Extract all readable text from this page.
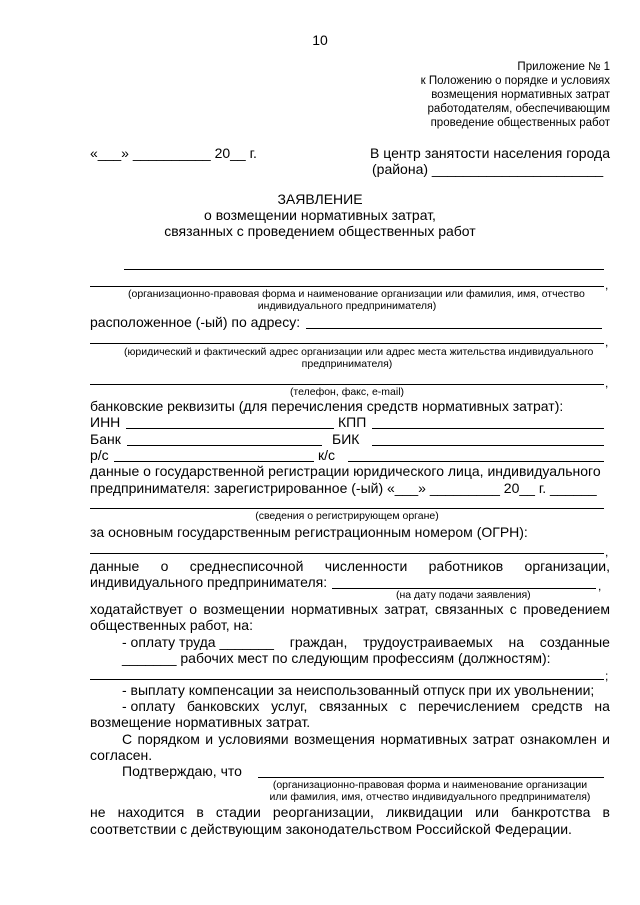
10
Приложение № 1
к Положению о порядке и условиях
возмещения нормативных затрат
работодателям, обеспечивающим
проведение общественных работ
«___» __________ 20__ г.	В центр занятости населения города
(района) ______________________
ЗАЯВЛЕНИЕ
о возмещении нормативных затрат,
связанных с проведением общественных работ
,
(организационно-правовая форма и наименование организации или фамилия, имя, отчество
индивидуального предпринимателя)
расположенное (-ый) по адресу:
,
(юридический и фактический адрес организации или адрес места жительства индивидуального
предпринимателя)
,
(телефон, факс, e-mail)
банковские реквизиты (для перечисления средств нормативных затрат):
ИНН	КПП
Банк	БИК
р/с	к/с
данные о государственной регистрации юридического лица, индивидуального
предпринимателя: зарегистрированное (-ый) «___» _________ 20__ г. ______
(сведения о регистрирующем органе)
за основным государственным регистрационным номером (ОГРН):
,
данные о среднесписочной численности работников организации,
индивидуального предпринимателя:	,
(на дату подачи заявления)
ходатайствует о возмещении нормативных затрат, связанных с проведением
общественных работ, на:
- оплату труда _______ граждан, трудоустраиваемых на созданные
_______ рабочих мест по следующим профессиям (должностям):
;
- выплату компенсации за неиспользованный отпуск при их увольнении;
- оплату банковских услуг, связанных с перечислением средств на
возмещение нормативных затрат.
С порядком и условиями возмещения нормативных затрат ознакомлен и
согласен.
Подтверждаю, что
(организационно-правовая форма и наименование организации
или фамилия, имя, отчество индивидуального предпринимателя)
не находится в стадии реорганизации, ликвидации или банкротства в
соответствии с действующим законодательством Российской Федерации.
